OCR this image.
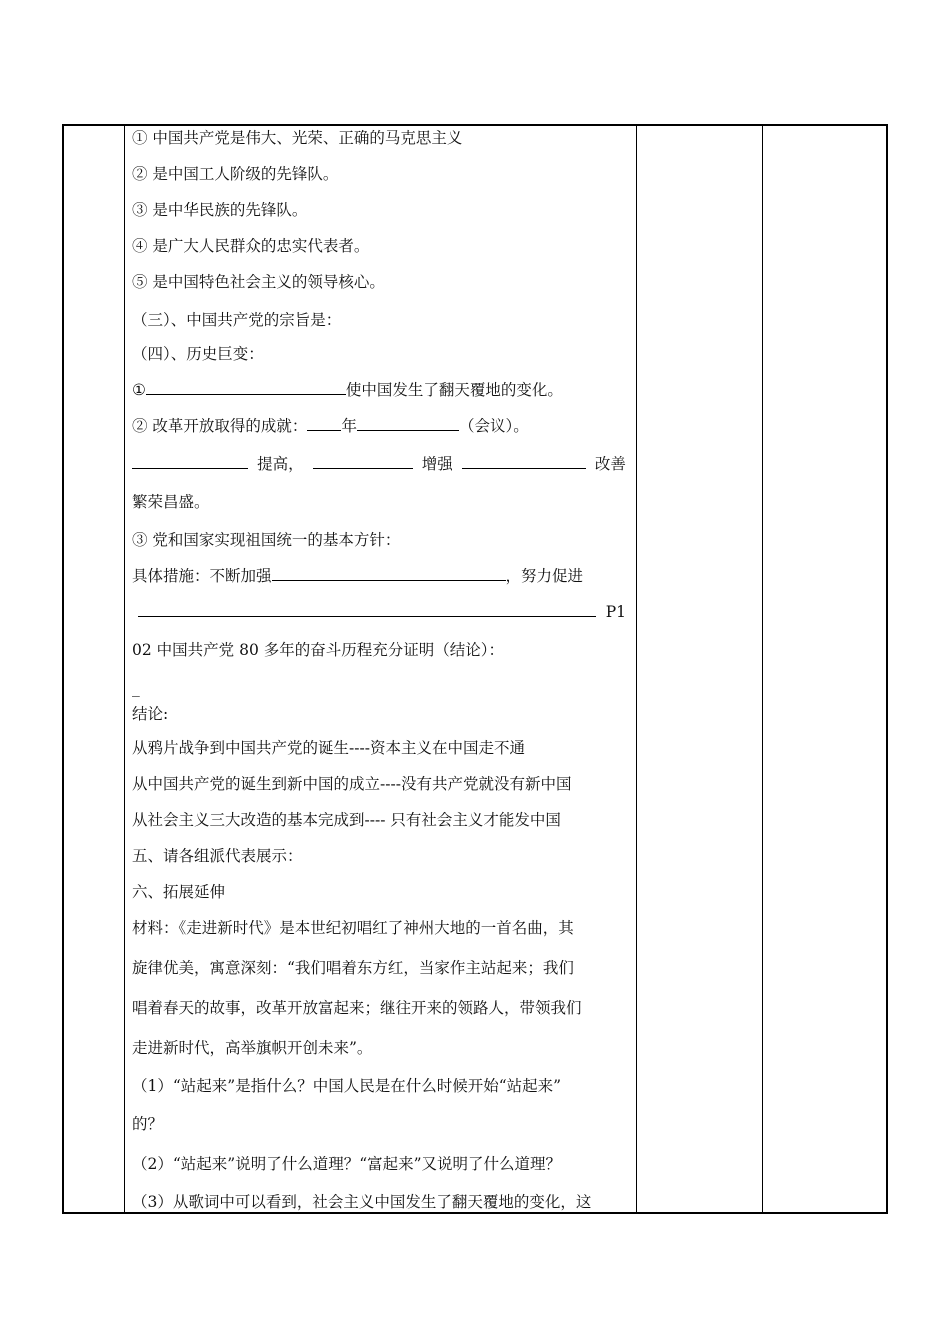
① 中国共产党是伟大、光荣、正确的马克思主义
② 是中国工人阶级的先锋队。
③ 是中华民族的先锋队。
④ 是广大人民群众的忠实代表者。
⑤ 是中国特色社会主义的领导核心。
（三）、中国共产党的宗旨是：
（四）、历史巨变：
①	使中国发生了翻天覆地的变化。
② 改革开放取得的成就： 年	（会议）。
提高，	增强	改善
繁荣昌盛。
③ 党和国家实现祖国统一的基本方针：
具体措施：不断加强	，努力促进
P1
02 中国共产党 80 多年的奋斗历程充分证明（结论）：
_
结论:
从鸦片战争到中国共产党的诞生----资本主义在中国走不通
从中国共产党的诞生到新中国的成立----没有共产党就没有新中国
从社会主义三大改造的基本完成到---- 只有社会主义才能发中国
五、请各组派代表展示：
六、拓展延伸
材料：《走进新时代》是本世纪初唱红了神州大地的一首名曲，其
旋律优美，寓意深刻：“我们唱着东方红，当家作主站起来；我们
唱着春天的故事，改革开放富起来；继往开来的领路人，带领我们
走进新时代，高举旗帜开创未来”。
（1）“站起来”是指什么？中国人民是在什么时候开始“站起来”
的？
（2）“站起来”说明了什么道理？“富起来”又说明了什么道理？
（3）从歌词中可以看到，社会主义中国发生了翻天覆地的变化，这
